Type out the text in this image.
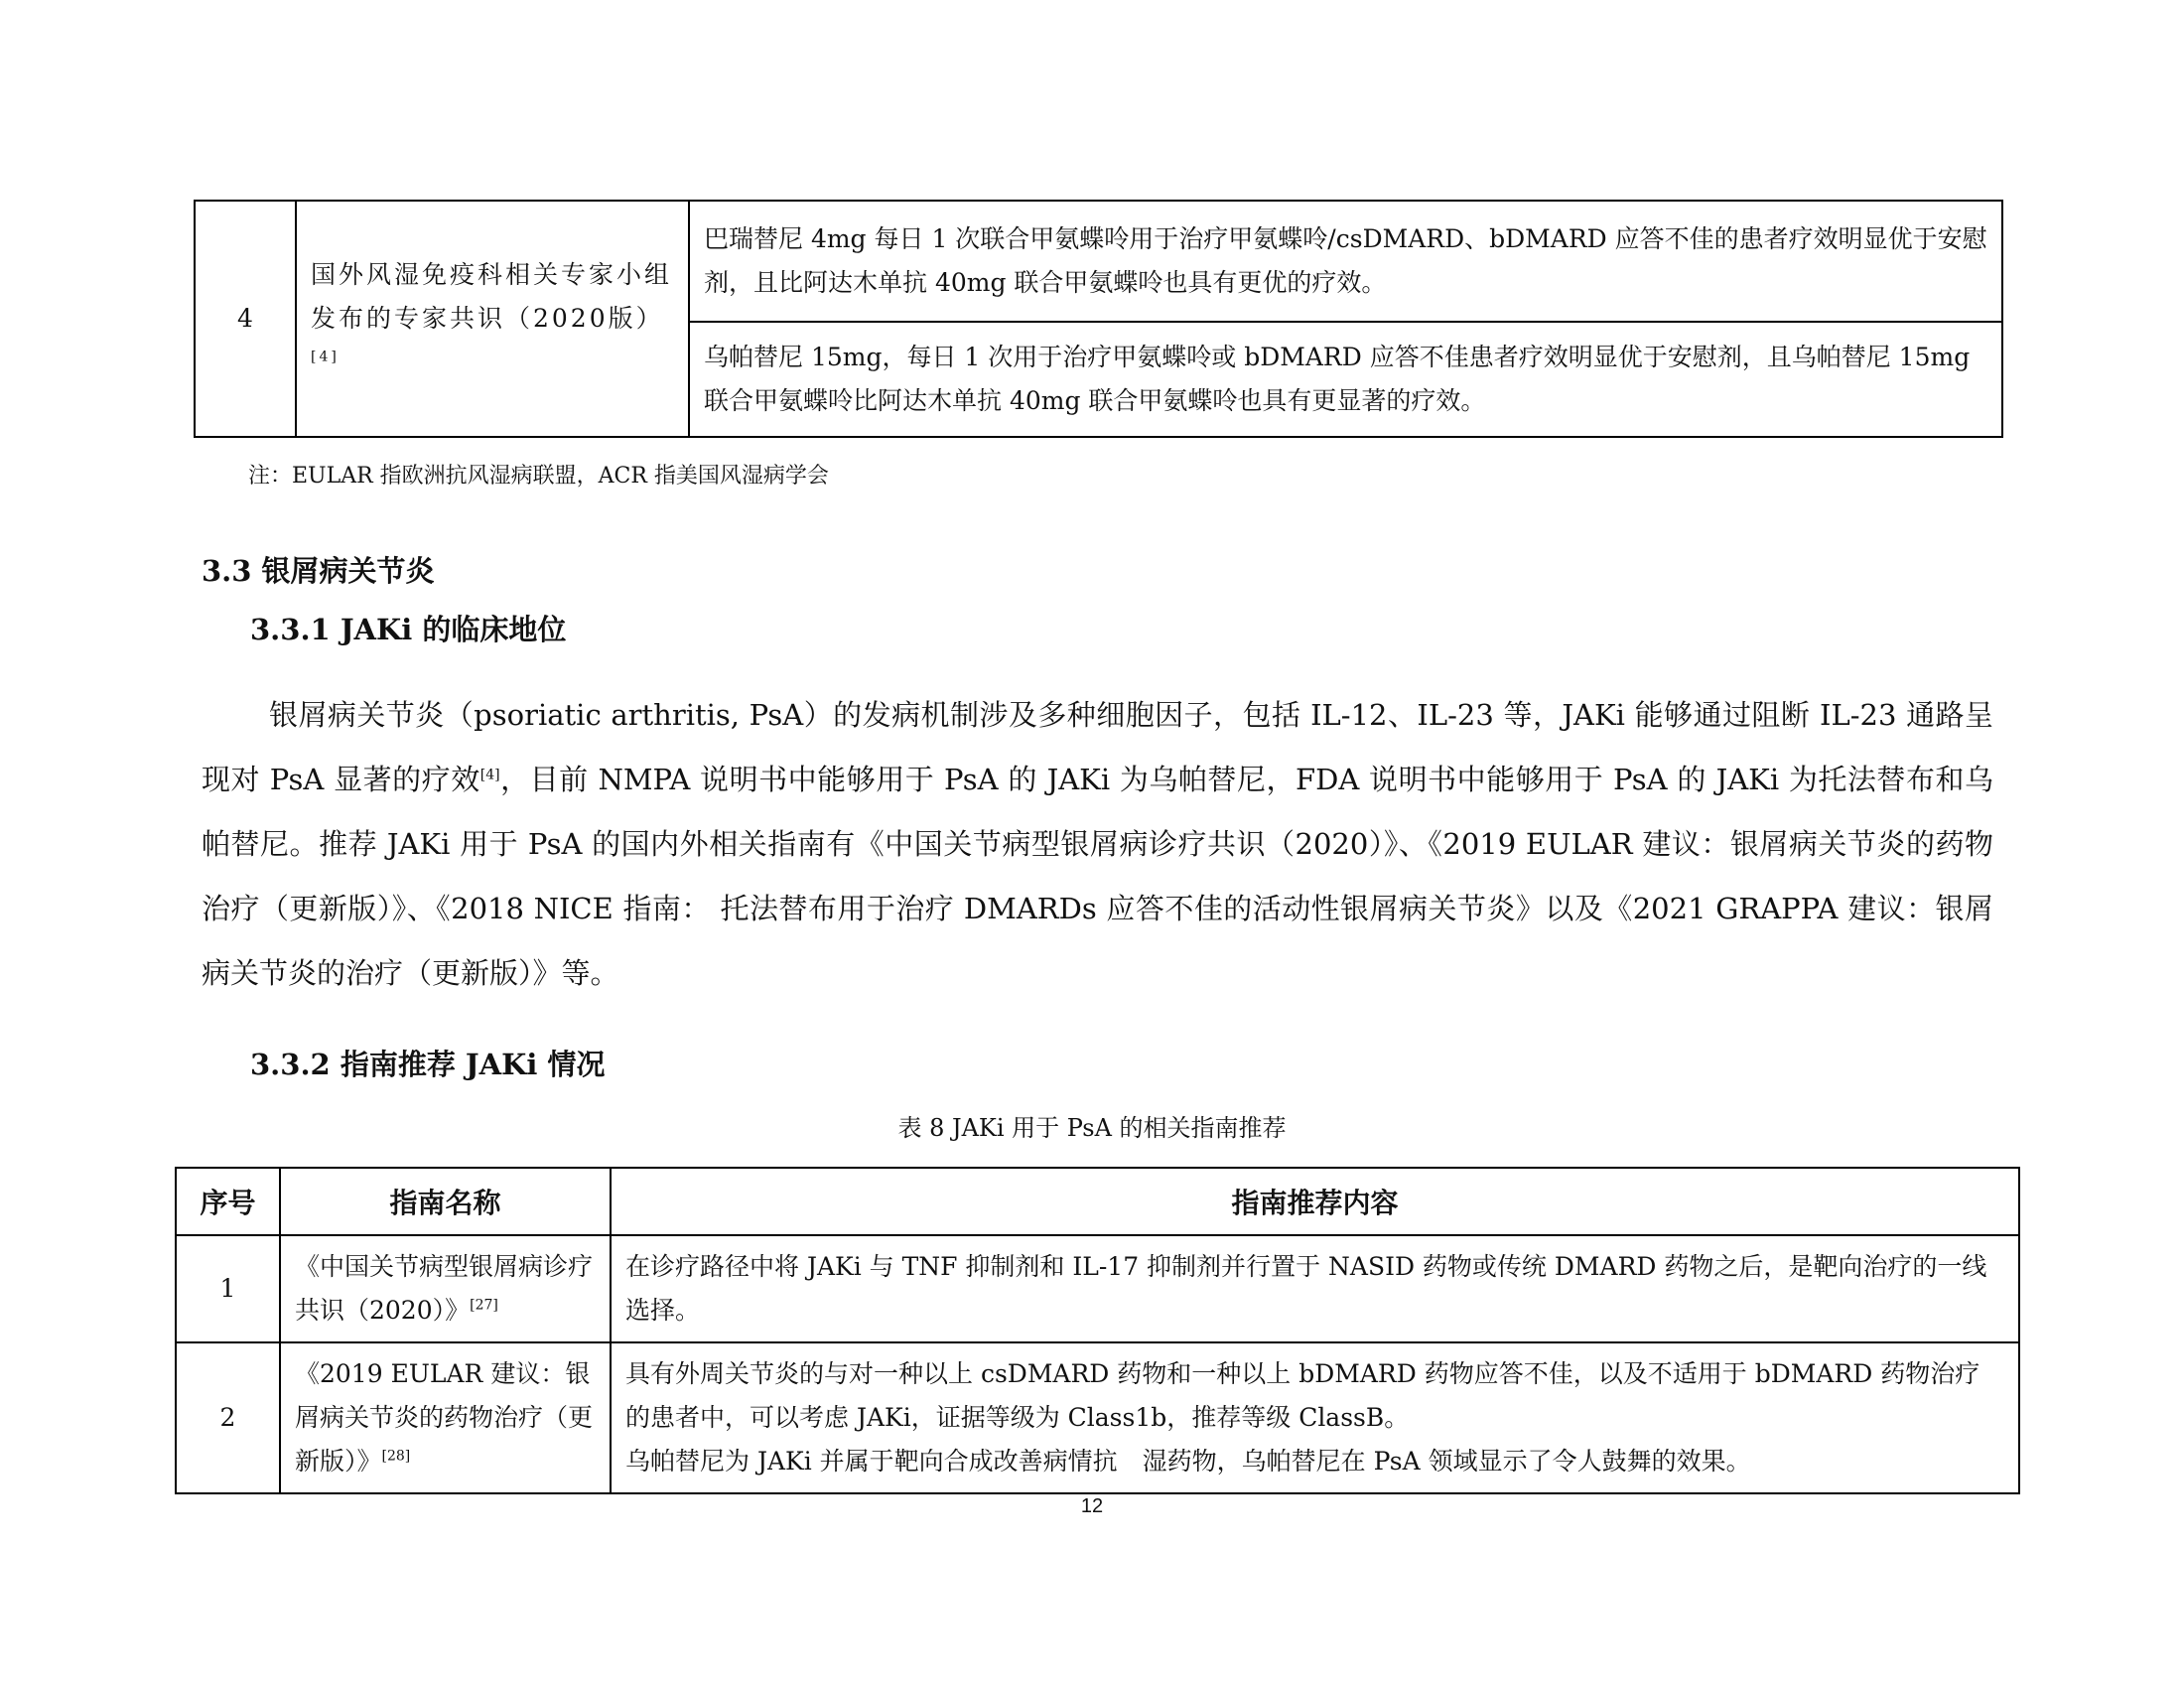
4	国外风湿免疫科相关专家小组发布的专家共识（2020版）[4]	巴瑞替尼 4mg 每日 1 次联合甲氨蝶呤用于治疗甲氨蝶呤/csDMARD、bDMARD 应答不佳的患者疗效明显优于安慰剂，且比阿达木单抗 40mg 联合甲氨蝶呤也具有更优的疗效。
乌帕替尼 15mg，每日 1 次用于治疗甲氨蝶呤或 bDMARD 应答不佳患者疗效明显优于安慰剂，且乌帕替尼 15mg 联合甲氨蝶呤比阿达木单抗 40mg 联合甲氨蝶呤也具有更显著的疗效。
注：EULAR 指欧洲抗风湿病联盟，ACR 指美国风湿病学会
3.3 银屑病关节炎
3.3.1 JAKi 的临床地位
银屑病关节炎（psoriatic arthritis, PsA）的发病机制涉及多种细胞因子，包括 IL-12、IL-23 等，JAKi 能够通过阻断 IL-23 通路呈现对 PsA 显著的疗效[4]，目前 NMPA 说明书中能够用于 PsA 的 JAKi 为乌帕替尼，FDA 说明书中能够用于 PsA 的 JAKi 为托法替布和乌帕替尼。推荐 JAKi 用于 PsA 的国内外相关指南有《中国关节病型银屑病诊疗共识（2020）》、《2019 EULAR 建议：银屑病关节炎的药物治疗（更新版）》、《2018 NICE 指南： 托法替布用于治疗 DMARDs 应答不佳的活动性银屑病关节炎》以及《2021 GRAPPA 建议：银屑病关节炎的治疗（更新版）》等。
3.3.2 指南推荐 JAKi 情况
表 8 JAKi 用于 PsA 的相关指南推荐
序号	指南名称	指南推荐内容
1	《中国关节病型银屑病诊疗共识（2020）》[27]	在诊疗路径中将 JAKi 与 TNF 抑制剂和 IL-17 抑制剂并行置于 NASID 药物或传统 DMARD 药物之后，是靶向治疗的一线选择。
2	《2019 EULAR 建议：银屑病关节炎的药物治疗（更新版）》[28]	具有外周关节炎的与对一种以上 csDMARD 药物和一种以上 bDMARD 药物应答不佳，以及不适用于 bDMARD 药物治疗的患者中，可以考虑 JAKi，证据等级为 Class1b，推荐等级 ClassB。
乌帕替尼为 JAKi 并属于靶向合成改善病情抗　湿药物，乌帕替尼在 PsA 领域显示了令人鼓舞的效果。
12
